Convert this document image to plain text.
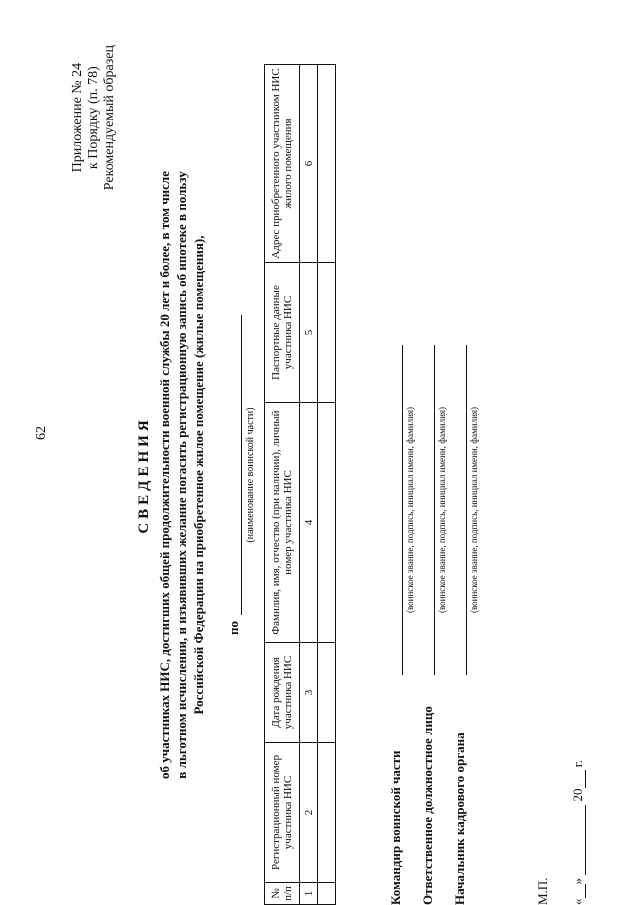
62
Приложение № 24 к Порядку (п. 78) Рекомендуемый образец
СВЕДЕНИЯ об участниках НИС, достигших общей продолжительности военной службы 20 лет и более, в том числе в льготном исчислении, и изъявивших желание погасить регистрационную запись об ипотеке в пользу Российской Федерации на приобретенное жилое помещение (жилые помещения), по
(наименование воинской части)
№ п/п	Регистрационный номер участника НИС	Дата рождения участника НИС	Фамилия, имя, отчество (при наличии), личный номер участника НИС	Паспортные данные участника НИС	Адрес приобретенного участником НИС жилого помещения
1	2	3	4	5	6

Командир воинской части
(воинское звание, подпись, инициал имени, фамилия)
Ответственное должностное лицо
(воинское звание, подпись, инициал имени, фамилия)
Начальник кадрового органа
(воинское звание, подпись, инициал имени, фамилия)
М.П. «»  20 г.
